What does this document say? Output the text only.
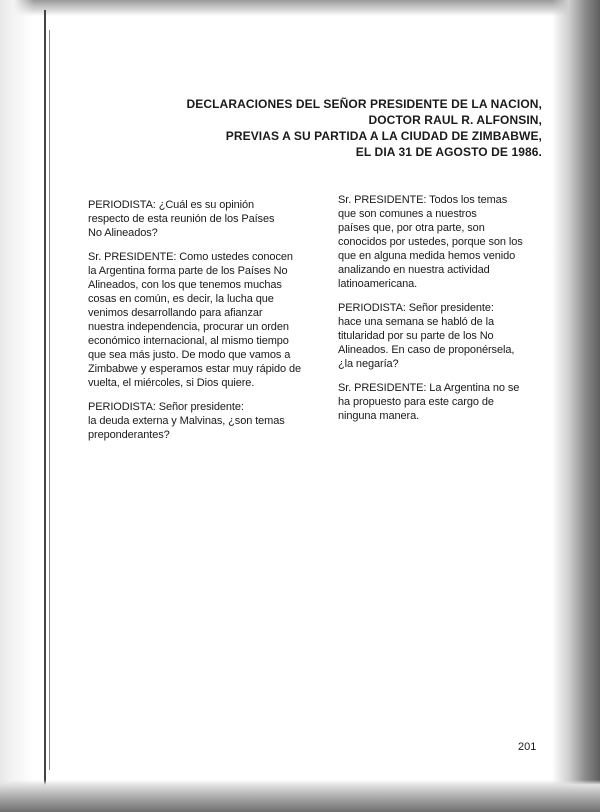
DECLARACIONES DEL SEÑOR PRESIDENTE DE LA NACION,
DOCTOR RAUL R. ALFONSIN,
PREVIAS A SU PARTIDA A LA CIUDAD DE ZIMBABWE,
EL DIA 31 DE AGOSTO DE 1986.

PERIODISTA: ¿Cuál es su opinión
respecto de esta reunión de los Países
No Alineados?

Sr. PRESIDENTE: Como ustedes conocen
la Argentina forma parte de los Países No
Alineados, con los que tenemos muchas
cosas en común, es decir, la lucha que
venimos desarrollando para afianzar
nuestra independencia, procurar un orden
económico internacional, al mismo tiempo
que sea más justo. De modo que vamos a
Zimbabwe y esperamos estar muy rápido de
vuelta, el miércoles, si Dios quiere.

PERIODISTA: Señor presidente:
la deuda externa y Malvinas, ¿son temas
preponderantes?

Sr. PRESIDENTE: Todos los temas
que son comunes a nuestros
países que, por otra parte, son
conocidos por ustedes, porque son los
que en alguna medida hemos venido
analizando en nuestra actividad
latinoamericana.

PERIODISTA: Señor presidente:
hace una semana se habló de la
titularidad por su parte de los No
Alineados. En caso de proponérsela,
¿la negaría?

Sr. PRESIDENTE: La Argentina no se
ha propuesto para este cargo de
ninguna manera.

201
